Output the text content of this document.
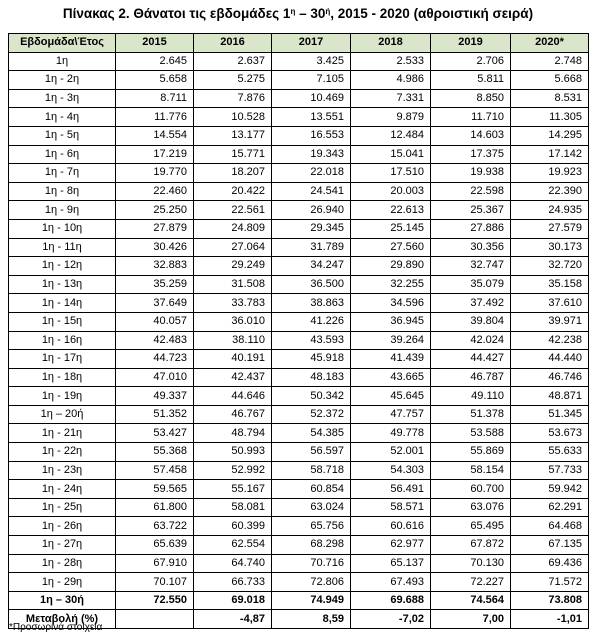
Πίνακας 2. Θάνατοι τις εβδομάδες $1^\eta - 30^ή$, 2015 - 2020 (αθροιστική σειρά)
Εβδομάδα\Έτος	2015	2016	2017	2018	2019	2020*
1η	2.645	2.637	3.425	2.533	2.706	2.748
1η - 2η	5.658	5.275	7.105	4.986	5.811	5.668
1η - 3η	8.711	7.876	10.469	7.331	8.850	8.531
1η - 4η	11.776	10.528	13.551	9.879	11.710	11.305
1η - 5η	14.554	13.177	16.553	12.484	14.603	14.295
1η - 6η	17.219	15.771	19.343	15.041	17.375	17.142
1η - 7η	19.770	18.207	22.018	17.510	19.938	19.923
1η - 8η	22.460	20.422	24.541	20.003	22.598	22.390
1η - 9η	25.250	22.561	26.940	22.613	25.367	24.935
1η - 10η	27.879	24.809	29.345	25.145	27.886	27.579
1η - 11η	30.426	27.064	31.789	27.560	30.356	30.173
1η - 12η	32.883	29.249	34.247	29.890	32.747	32.720
1η - 13η	35.259	31.508	36.500	32.255	35.079	35.158
1η - 14η	37.649	33.783	38.863	34.596	37.492	37.610
1η - 15η	40.057	36.010	41.226	36.945	39.804	39.971
1η - 16η	42.483	38.110	43.593	39.264	42.024	42.238
1η - 17η	44.723	40.191	45.918	41.439	44.427	44.440
1η - 18η	47.010	42.437	48.183	43.665	46.787	46.746
1η - 19η	49.337	44.646	50.342	45.645	49.110	48.871
1η – 20ή	51.352	46.767	52.372	47.757	51.378	51.345
1η - 21η	53.427	48.794	54.385	49.778	53.588	53.673
1η - 22η	55.368	50.993	56.597	52.001	55.869	55.633
1η - 23η	57.458	52.992	58.718	54.303	58.154	57.733
1η - 24η	59.565	55.167	60.854	56.491	60.700	59.942
1η - 25η	61.800	58.081	63.024	58.571	63.076	62.291
1η - 26η	63.722	60.399	65.756	60.616	65.495	64.468
1η - 27η	65.639	62.554	68.298	62.977	67.872	67.135
1η - 28η	67.910	64.740	70.716	65.137	70.130	69.436
1η - 29η	70.107	66.733	72.806	67.493	72.227	71.572
1η – 30ή	72.550	69.018	74.949	69.688	74.564	73.808
Μεταβολή (%)		-4,87	8,59	-7,02	7,00	-1,01
*Προσωρινά στοιχεία
